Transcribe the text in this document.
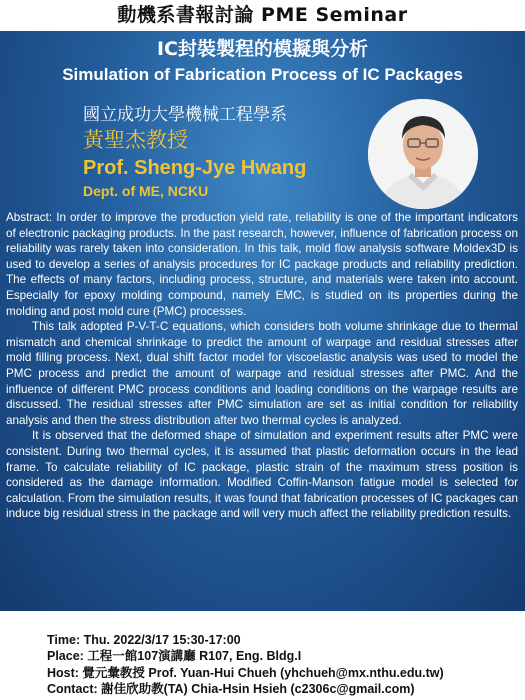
動機系書報討論 PME Seminar
IC封裝製程的模擬與分析
Simulation of Fabrication Process of IC Packages
國立成功大學機械工程學系
黃聖杰教授
Prof. Sheng-Jye Hwang
Dept. of ME, NCKU

Abstract: In order to improve the production yield rate, reliability is one of the important indicators of electronic packaging products. In the past research, however, influence of fabrication process on reliability was rarely taken into consideration. In this talk, mold flow analysis software Moldex3D is used to develop a series of analysis procedures for IC package products and reliability prediction. The effects of many factors, including process, structure, and materials were taken into account. Especially for epoxy molding compound, namely EMC, is studied on its properties during the molding and post mold cure (PMC) processes.

This talk adopted P-V-T-C equations, which considers both volume shrinkage due to thermal mismatch and chemical shrinkage to predict the amount of warpage and residual stresses after mold filling process. Next, dual shift factor model for viscoelastic analysis was used to model the PMC process and predict the amount of warpage and residual stresses after PMC. And the influence of different PMC process conditions and loading conditions on the warpage results are discussed. The residual stresses after PMC simulation are set as initial condition for reliability analysis and then the stress distribution after two thermal cycles is analyzed.

It is observed that the deformed shape of simulation and experiment results after PMC were consistent. During two thermal cycles, it is assumed that plastic deformation occurs in the lead frame. To calculate reliability of IC package, plastic strain of the maximum stress position is considered as the damage information. Modified Coffin-Manson fatigue model is selected for calculation. From the simulation results, it was found that fabrication processes of IC packages can induce big residual stress in the package and will very much affect the reliability prediction results.

Time: Thu. 2022/3/17 15:30-17:00
Place: 工程一館107演講廳 R107, Eng. Bldg.I
Host: 覺元彙教授 Prof. Yuan-Hui Chueh (yhchueh@mx.nthu.edu.tw)
Contact: 謝佳欣助教(TA) Chia-Hsin Hsieh (c2306c@gmail.com)
